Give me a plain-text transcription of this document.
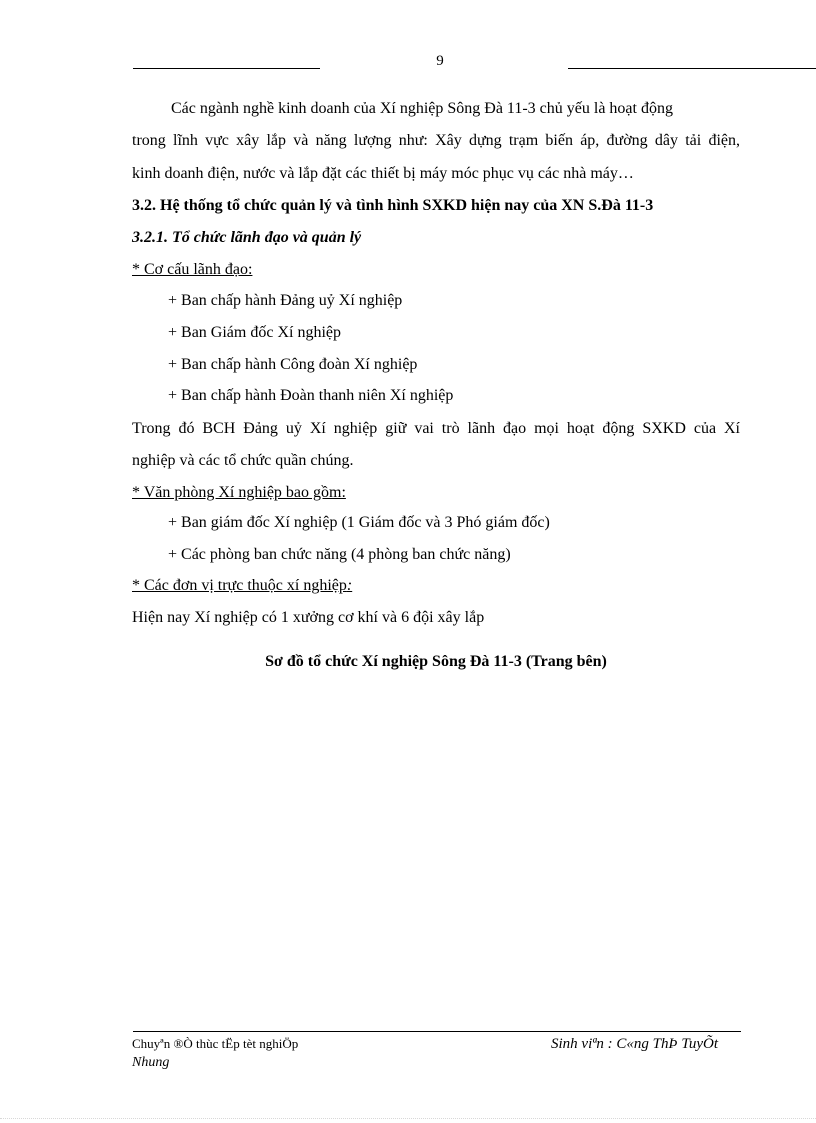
9
Các ngành nghề kinh doanh của Xí nghiệp Sông Đà 11-3 chủ yếu là hoạt động
trong lĩnh vực xây lắp và năng lượng như: Xây dựng trạm biến áp, đường dây tải điện,
kinh doanh điện, nước và lắp đặt các thiết bị máy móc phục vụ các nhà máy…
3.2. Hệ thống tổ chức quản lý và tình hình SXKD hiện nay của XN S.Đà 11-3
3.2.1. Tổ chức lãnh đạo và quản lý
* Cơ cấu lãnh đạo:
+ Ban chấp hành Đảng uỷ Xí nghiệp
+ Ban Giám đốc Xí nghiệp
+ Ban chấp hành Công đoàn Xí nghiệp
+ Ban chấp hành Đoàn thanh niên Xí nghiệp
Trong đó BCH Đảng uỷ Xí nghiệp giữ vai trò lãnh đạo mọi hoạt động SXKD của Xí
nghiệp và các tổ chức quần chúng.
* Văn phòng Xí nghiệp bao gồm:
+ Ban giám đốc Xí nghiệp (1 Giám đốc và 3 Phó giám đốc)
+ Các phòng ban chức năng (4 phòng ban chức năng)
* Các đơn vị trực thuộc xí nghiệp:
Hiện nay Xí nghiệp có 1 xưởng cơ khí và 6 đội xây lắp
Sơ đồ tổ chức Xí nghiệp Sông Đà 11-3 (Trang bên)
Chuyªn ®Ò thùc tËp tèt nghiÖp
Nhung
Sinh viªn : C«ng ThÞ TuyÕt
